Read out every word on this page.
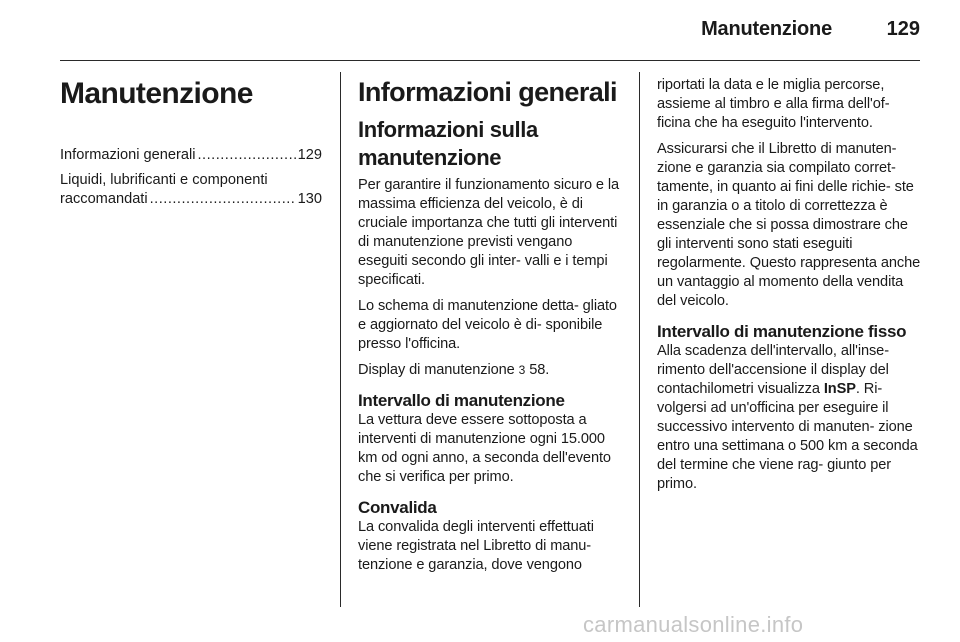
Manutenzione	129
Manutenzione
Informazioni generali .....	129
Liquidi, lubrificanti e componenti
raccomandati .....	130
Informazioni generali
Informazioni sulla manutenzione

Per garantire il funzionamento sicuro e la massima efficienza del veicolo, è di cruciale importanza che tutti gli interventi di manutenzione previsti vengano eseguiti secondo gli inter- valli e i tempi specificati.

Lo schema di manutenzione detta- gliato e aggiornato del veicolo è di- sponibile presso l'officina.

Display di manutenzione 3 58.

Intervallo di manutenzione

La vettura deve essere sottoposta a interventi di manutenzione ogni 15.000 km od ogni anno, a seconda dell'evento che si verifica per primo.

Convalida

La convalida degli interventi effettuati viene registrata nel Libretto di manu- tenzione e garanzia, dove vengono

riportati la data e le miglia percorse, assieme al timbro e alla firma dell'of- ficina che ha eseguito l'intervento.

Assicurarsi che il Libretto di manuten- zione e garanzia sia compilato corret- tamente, in quanto ai fini delle richie- ste in garanzia o a titolo di correttezza è essenziale che si possa dimostrare che gli interventi sono stati eseguiti regolarmente. Questo rappresenta anche un vantaggio al momento della vendita del veicolo.

Intervallo di manutenzione fisso

Alla scadenza dell'intervallo, all'inse- rimento dell'accensione il display del contachilometri visualizza InSP. Ri- volgersi ad un'officina per eseguire il successivo intervento di manuten- zione entro una settimana o 500 km a seconda del termine che viene rag- giunto per primo.

carmanualsonline.info
